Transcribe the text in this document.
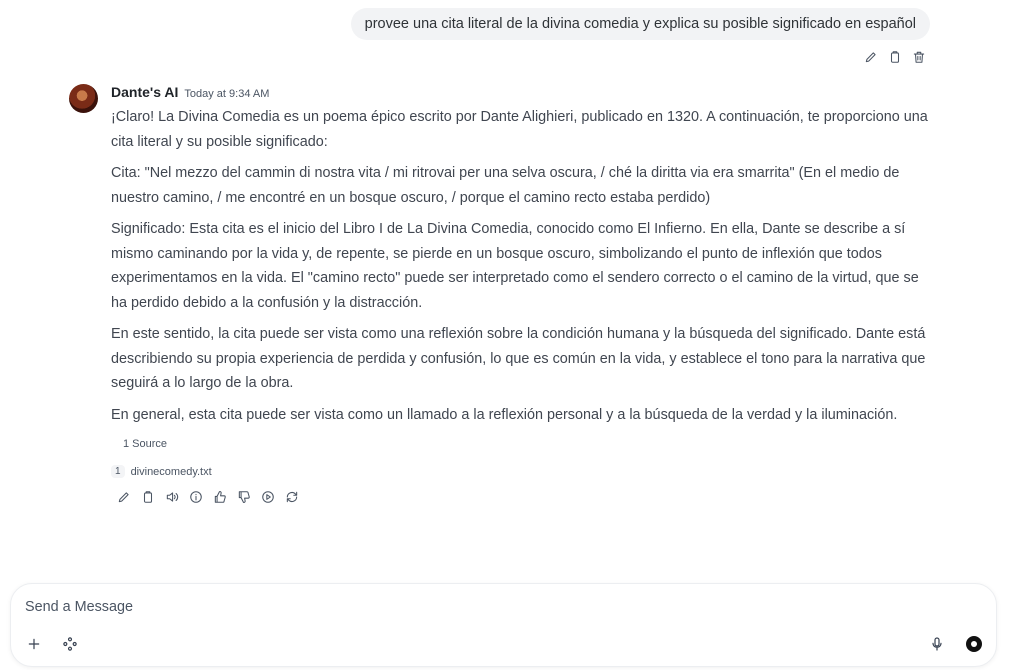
provee una cita literal de la divina comedia y explica su posible significado en español
Dante's AI Today at 9:34 AM

¡Claro! La Divina Comedia es un poema épico escrito por Dante Alighieri, publicado en 1320. A continuación, te proporciono una cita literal y su posible significado:

Cita: "Nel mezzo del cammin di nostra vita / mi ritrovai per una selva oscura, / ché la diritta via era smarrita" (En el medio de nuestro camino, / me encontré en un bosque oscuro, / porque el camino recto estaba perdido)

Significado: Esta cita es el inicio del Libro I de La Divina Comedia, conocido como El Infierno. En ella, Dante se describe a sí mismo caminando por la vida y, de repente, se pierde en un bosque oscuro, simbolizando el punto de inflexión que todos experimentamos en la vida. El "camino recto" puede ser interpretado como el sendero correcto o el camino de la virtud, que se ha perdido debido a la confusión y la distracción.

En este sentido, la cita puede ser vista como una reflexión sobre la condición humana y la búsqueda del significado. Dante está describiendo su propia experiencia de perdida y confusión, lo que es común en la vida, y establece el tono para la narrativa que seguirá a lo largo de la obra.

En general, esta cita puede ser vista como un llamado a la reflexión personal y a la búsqueda de la verdad y la iluminación.

1 Source
1 divinecomedy.txt
Send a Message
